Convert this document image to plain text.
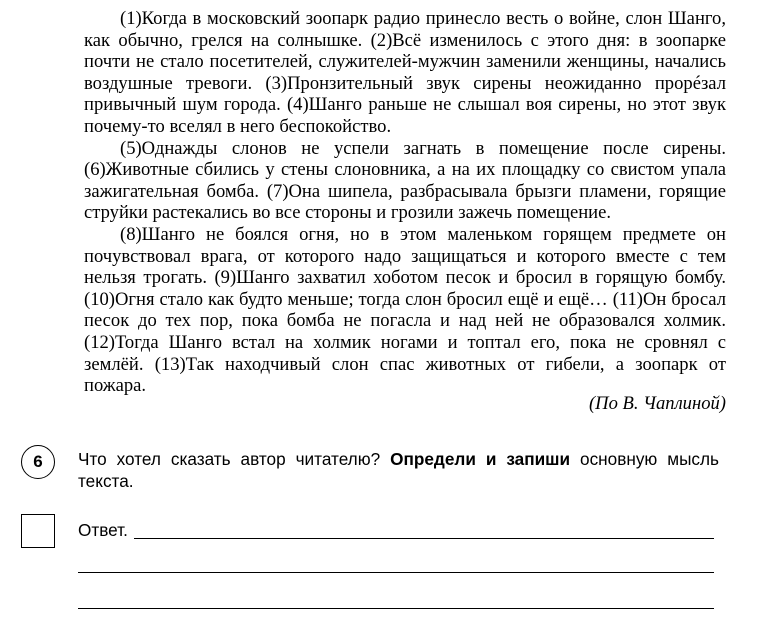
(1)Когда в московский зоопарк радио принесло весть о войне, слон Шанго, как обычно, грелся на солнышке. (2)Всё изменилось с этого дня: в зоопарке почти не стало посетителей, служителей-мужчин заменили женщины, начались воздушные тревоги. (3)Пронзительный звук сирены неожиданно прорéзал привычный шум города. (4)Шанго раньше не слышал воя сирены, но этот звук почему-то вселял в него беспокойство.

(5)Однажды слонов не успели загнать в помещение после сирены. (6)Животные сбились у стены слоновника, а на их площадку со свистом упала зажигательная бомба. (7)Она шипела, разбрасывала брызги пламени, горящие струйки растекались во все стороны и грозили зажечь помещение.

(8)Шанго не боялся огня, но в этом маленьком горящем предмете он почувствовал врага, от которого надо защищаться и которого вместе с тем нельзя трогать. (9)Шанго захватил хоботом песок и бросил в горящую бомбу. (10)Огня стало как будто меньше; тогда слон бросил ещё и ещё… (11)Он бросал песок до тех пор, пока бомба не погасла и над ней не образовался холмик. (12)Тогда Шанго встал на холмик ногами и топтал его, пока не сровнял с землёй. (13)Так находчивый слон спас животных от гибели, а зоопарк от пожара.

(По В. Чаплиной)
6	Что хотел сказать автор читателю? Определи и запиши основную мысль текста.
Ответ.
